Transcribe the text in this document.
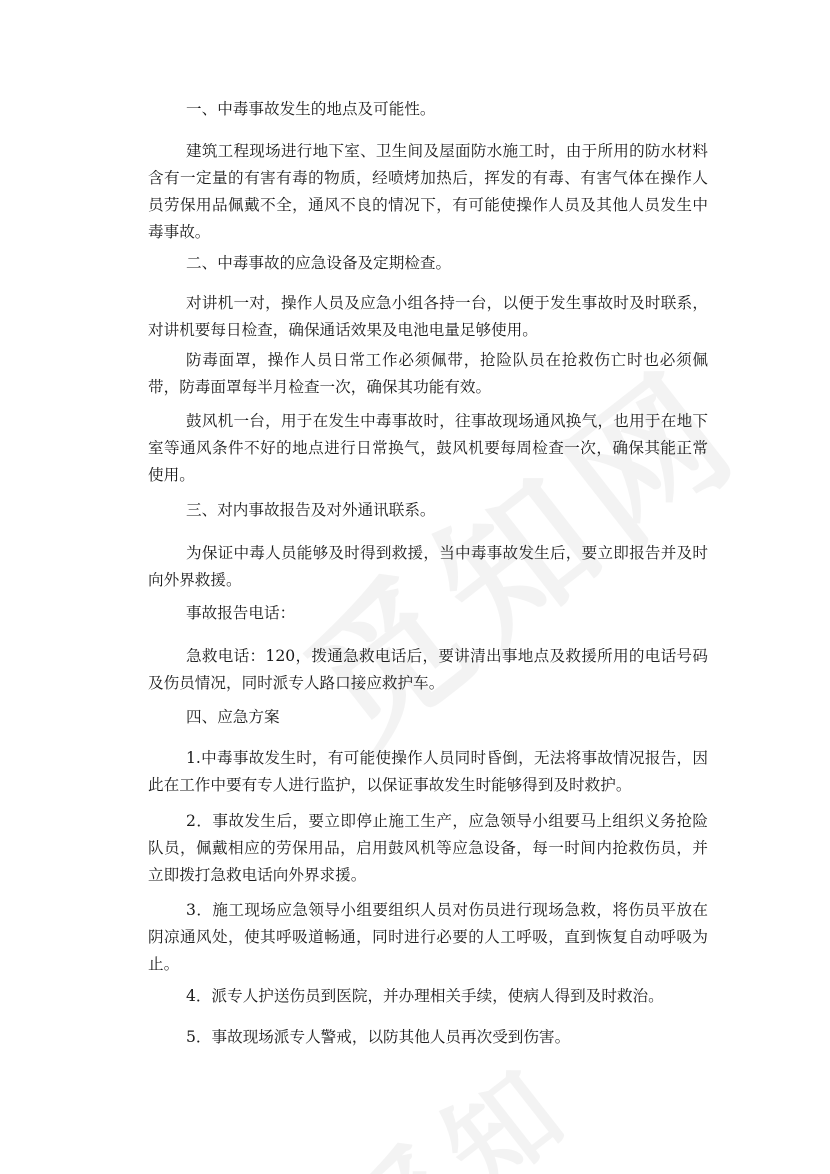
一、中毒事故发生的地点及可能性。

建筑工程现场进行地下室、卫生间及屋面防水施工时，由于所用的防水材料含有一定量的有害有毒的物质，经喷烤加热后，挥发的有毒、有害气体在操作人员劳保用品佩戴不全，通风不良的情况下，有可能使操作人员及其他人员发生中毒事故。

二、中毒事故的应急设备及定期检查。

对讲机一对，操作人员及应急小组各持一台，以便于发生事故时及时联系，对讲机要每日检查，确保通话效果及电池电量足够使用。

防毒面罩，操作人员日常工作必须佩带，抢险队员在抢救伤亡时也必须佩带，防毒面罩每半月检查一次，确保其功能有效。

鼓风机一台，用于在发生中毒事故时，往事故现场通风换气，也用于在地下室等通风条件不好的地点进行日常换气，鼓风机要每周检查一次，确保其能正常使用。

三、对内事故报告及对外通讯联系。

为保证中毒人员能够及时得到救援，当中毒事故发生后，要立即报告并及时向外界救援。

事故报告电话：

急救电话：120，拨通急救电话后，要讲清出事地点及救援所用的电话号码及伤员情况，同时派专人路口接应救护车。

四、应急方案

1.中毒事故发生时，有可能使操作人员同时昏倒，无法将事故情况报告，因此在工作中要有专人进行监护，以保证事故发生时能够得到及时救护。

2．事故发生后，要立即停止施工生产，应急领导小组要马上组织义务抢险队员，佩戴相应的劳保用品，启用鼓风机等应急设备，每一时间内抢救伤员，并立即拨打急救电话向外界求援。

3．施工现场应急领导小组要组织人员对伤员进行现场急救，将伤员平放在阴凉通风处，使其呼吸道畅通，同时进行必要的人工呼吸，直到恢复自动呼吸为止。

4．派专人护送伤员到医院，并办理相关手续，使病人得到及时救治。

5．事故现场派专人警戒，以防其他人员再次受到伤害。
